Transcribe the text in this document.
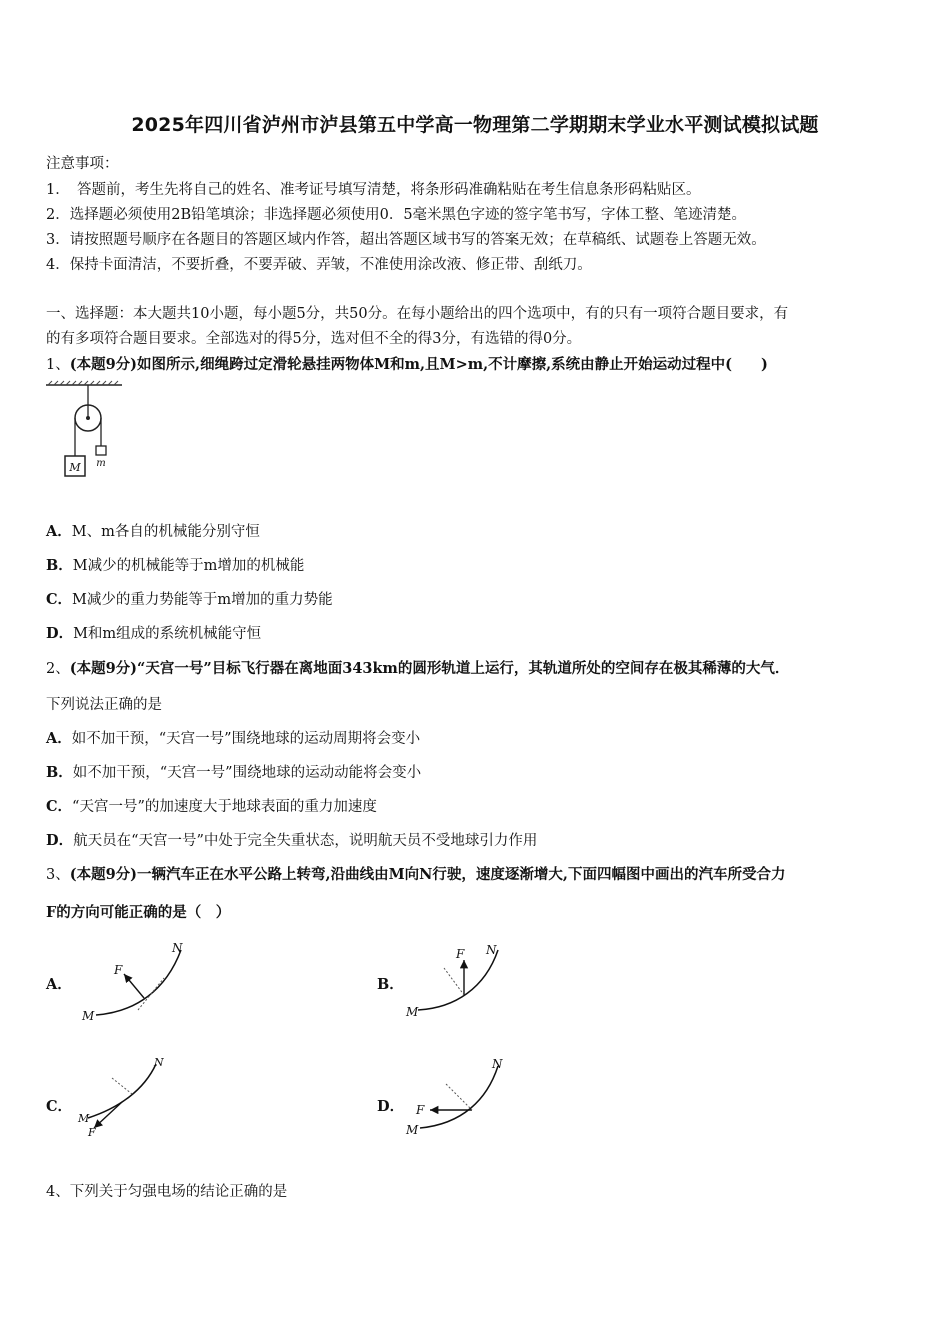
2025年四川省泸州市泸县第五中学高一物理第二学期期末学业水平测试模拟试题
注意事项：
1．　答题前，考生先将自己的姓名、准考证号填写清楚，将条形码准确粘贴在考生信息条形码粘贴区。
2．选择题必须使用2B铅笔填涂；非选择题必须使用0．5毫米黑色字迹的签字笔书写，字体工整、笔迹清楚。
3．请按照题号顺序在各题目的答题区域内作答，超出答题区域书写的答案无效；在草稿纸、试题卷上答题无效。
4．保持卡面清洁，不要折叠，不要弄破、弄皱，不准使用涂改液、修正带、刮纸刀。
一、选择题：本大题共10小题，每小题5分，共50分。在每小题给出的四个选项中，有的只有一项符合题目要求，有
的有多项符合题目要求。全部选对的得5分，选对但不全的得3分，有选错的得0分。
1、(本题9分)如图所示,细绳跨过定滑轮悬挂两物体M和m,且M>m,不计摩擦,系统由静止开始运动过程中(　　)
M m
A．M、m各自的机械能分别守恒
B．M减少的机械能等于m增加的机械能
C．M减少的重力势能等于m增加的重力势能
D．M和m组成的系统机械能守恒
2、(本题9分)“天宫一号”目标飞行器在离地面343km的圆形轨道上运行，其轨道所处的空间存在极其稀薄的大气．
下列说法正确的是
A．如不加干预，“天宫一号”围绕地球的运动周期将会变小
B．如不加干预，“天宫一号”围绕地球的运动动能将会变小
C．“天宫一号”的加速度大于地球表面的重力加速度
D．航天员在“天宫一号”中处于完全失重状态，说明航天员不受地球引力作用
3、(本题9分)一辆汽车正在水平公路上转弯,沿曲线由M向N行驶，速度逐渐增大,下面四幅图中画出的汽车所受合力
F的方向可能正确的是（　）
A．
F
M
N
B．
F
M
N
C．
M
F
N
D． F
M
N
4、下列关于匀强电场的结论正确的是
